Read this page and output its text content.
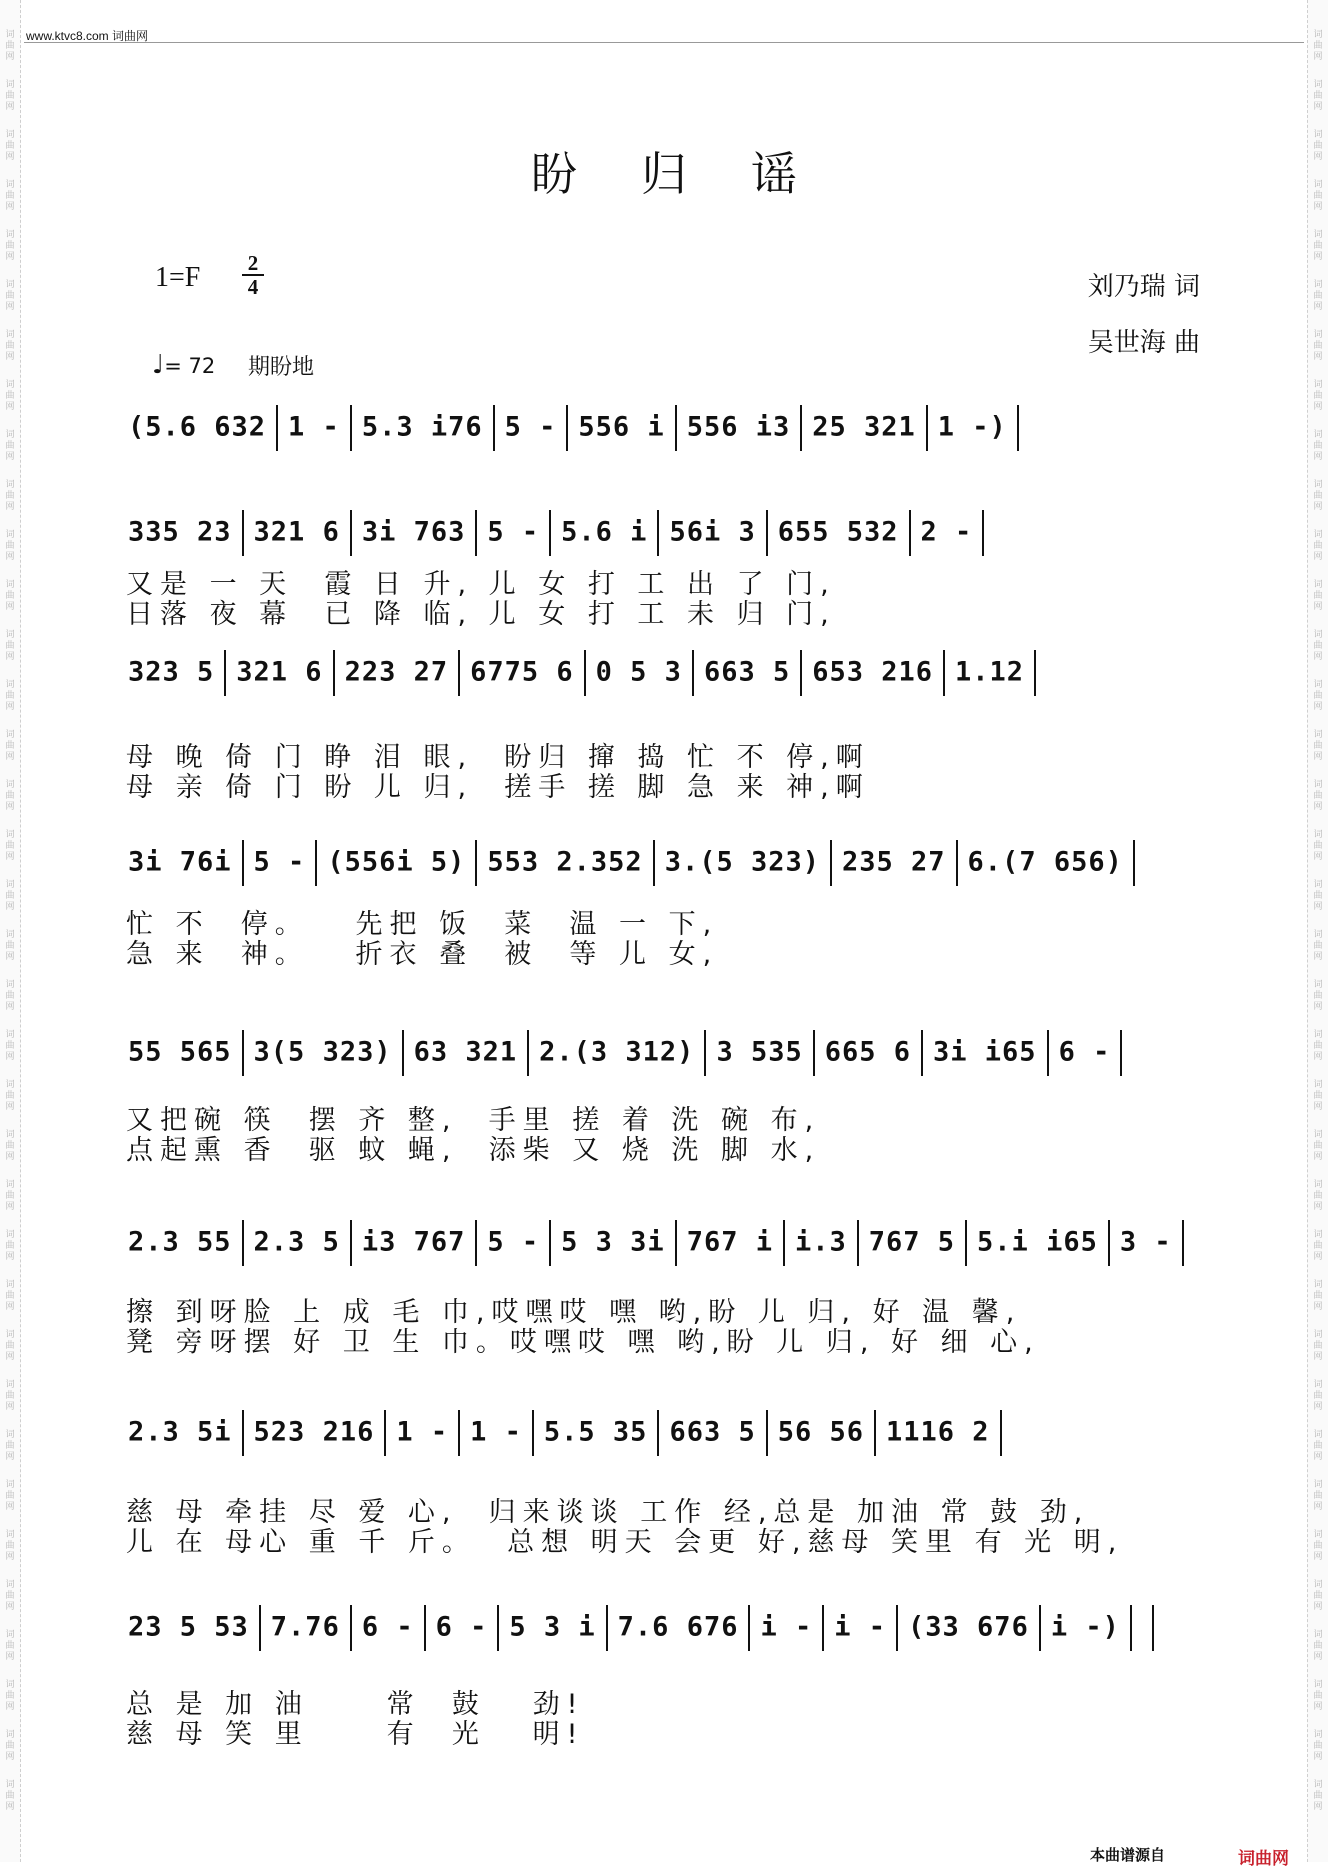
词
曲
网
词
曲
网
词
曲
网
词
曲
网
词
曲
网
词
曲
网
词
曲
网
词
曲
网
词
曲
网
词
曲
网
词
曲
网
词
曲
网
词
曲
网
词
曲
网
词
曲
网
词
曲
网
词
曲
网
词
曲
网
词
曲
网
词
曲
网
词
曲
网
词
曲
网
词
曲
网
词
曲
网
词
曲
网
词
曲
网
词
曲
网
词
曲
网
词
曲
网
词
曲
网
词
曲
网
词
曲
网
词
曲
网
词
曲
网
词
曲
网
词
曲
网
词
曲
网
词
曲
网
词
曲
网
词
曲
网
词
曲
网
词
曲
网
词
曲
网
词
曲
网
词
曲
网
词
曲
网
词
曲
网
词
曲
网
词
曲
网
词
曲
网
词
曲
网
词
曲
网
词
曲
网
词
曲
网
词
曲
网
词
曲
网
词
曲
网
词
曲
网
词
曲
网
词
曲
网
词
曲
网
词
曲
网
词
曲
网
词
曲
网
词
曲
网
词
曲
网
词
曲
网
词
曲
网
词
曲
网
词
曲
网
词
曲
网
词
曲
网
www.ktvc8.com 词曲网
盼归谣
1=F 2
4	刘乃瑞 词
吴世海 曲
♩= 72 期盼地
(5.6 632 1 - 5.3 i76 5 - 556 i 556 i3 25 321 1 -)
335 23 321 6 3i 763 5 - 5.6 i 56i 3 655 532 2 -
又是 一 天  霞 日 升, 儿 女 打 工 出 了 门,
日落 夜 幕  已 降 临, 儿 女 打 工 未 归 门,
323 5 321 6 223 27 6775 6 0 5 3 663 5 653 216 1.12
母 晚 倚 门 睁 泪 眼,  盼归 撺 捣 忙 不 停,啊
母 亲 倚 门 盼 儿 归,  搓手 搓 脚 急 来 神,啊
3i 76i 5 - (556i 5) 553 2.352 3.(5 323) 235 27 6.(7 656)
忙 不  停。   先把 饭  菜  温 一 下,
急 来  神。   折衣 叠  被  等 儿 女,
55 565 3(5 323) 63 321 2.(3 312) 3 535 665 6 3i i65 6 -
又把碗 筷  摆 齐 整,  手里 搓 着 洗 碗 布,
点起熏 香  驱 蚊 蝇,  添柴 又 烧 洗 脚 水,
2.3 55 2.3 5 i3 767 5 - 5 3 3i 767 i i.3 767 5 5.i i65 3 -
擦 到呀脸 上 成 毛 巾,哎嘿哎 嘿 哟,盼 儿 归, 好 温 馨,
凳 旁呀摆 好 卫 生 巾。哎嘿哎 嘿 哟,盼 儿 归, 好 细 心,
2.3 5i 523 216 1 - 1 - 5.5 35 663 5 56 56 1116 2
慈 母 牵挂 尽 爱 心,  归来谈谈 工作 经,总是 加油 常 鼓 劲,
儿 在 母心 重 千 斤。  总想 明天 会更 好,慈母 笑里 有 光 明,
23 5 53 7.76 6 - 6 - 5 3 i 7.6 676 i - i - (33 676 i -)
总 是 加 油     常  鼓   劲!
慈 母 笑 里     有  光   明!
本曲谱源自	词曲网
